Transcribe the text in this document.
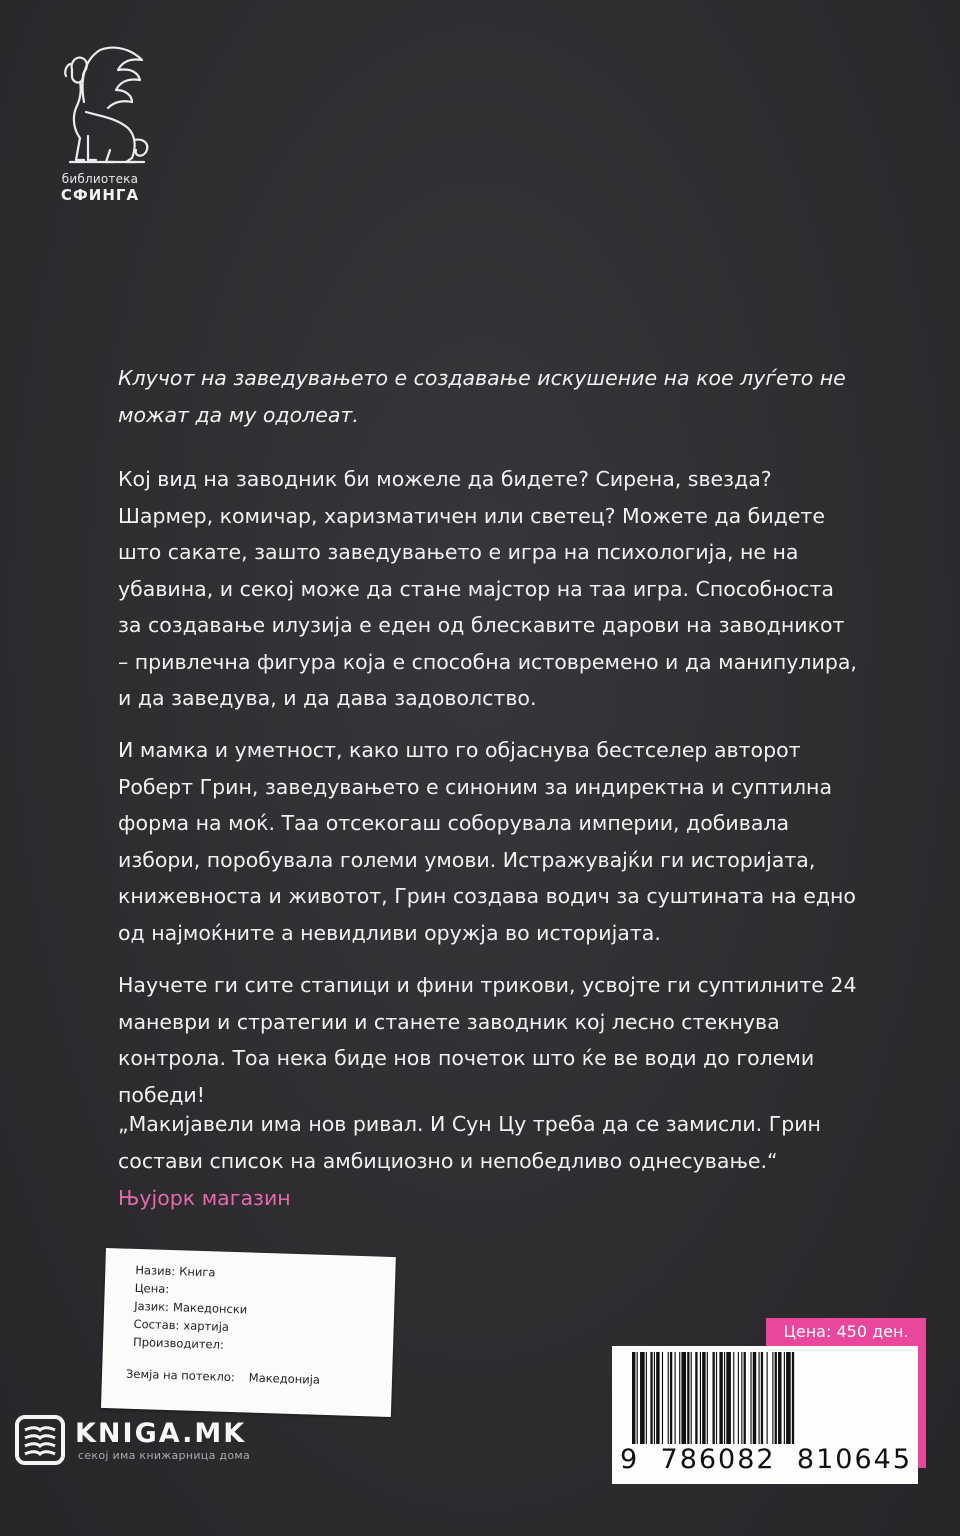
библиотека
СФИНГА

Клучот на заведувањето е создавање искушение на кое луѓето не можат да му одолеат.

Кој вид на заводник би можеле да бидете? Сирена, ѕвезда? Шармер, комичар, харизматичен или светец? Можете да бидете што сакате, зашто заведувањето е игра на психологија, не на убавина, и секој може да стане мајстор на таа игра. Способноста за создавање илузија е еден од блескавите дарови на заводникот – привлечна фигура која е способна истовремено и да манипулира, и да заведува, и да дава задоволство.

И мамка и уметност, како што го објаснува бестселер авторот Роберт Грин, заведувањето е синоним за индиректна и суптилна форма на моќ. Таа отсекогаш соборувала империи, добивала избори, поробувала големи умови. Истражувајќи ги историјата, книжевноста и животот, Грин создава водич за суштината на едно од најмоќните а невидливи оружја во историјата.

Научете ги сите стапици и фини трикови, усвојте ги суптилните 24 маневри и стратегии и станете заводник кој лесно стекнува контрола. Тоа нека биде нов почеток што ќе ве води до големи победи!

„Макијавели има нов ривал. И Сун Цу треба да се замисли. Грин состави список на амбициозно и непобедливо однесување.“

Њујорк магазин

Назив: Книга
Цена:
Јазик: Македонски
Состав: хартија
Производител:
Земја на потекло: Македонија
KNIGA.MK
секој има книжарница дома
Цена: 450 ден.
9 786082 810645
